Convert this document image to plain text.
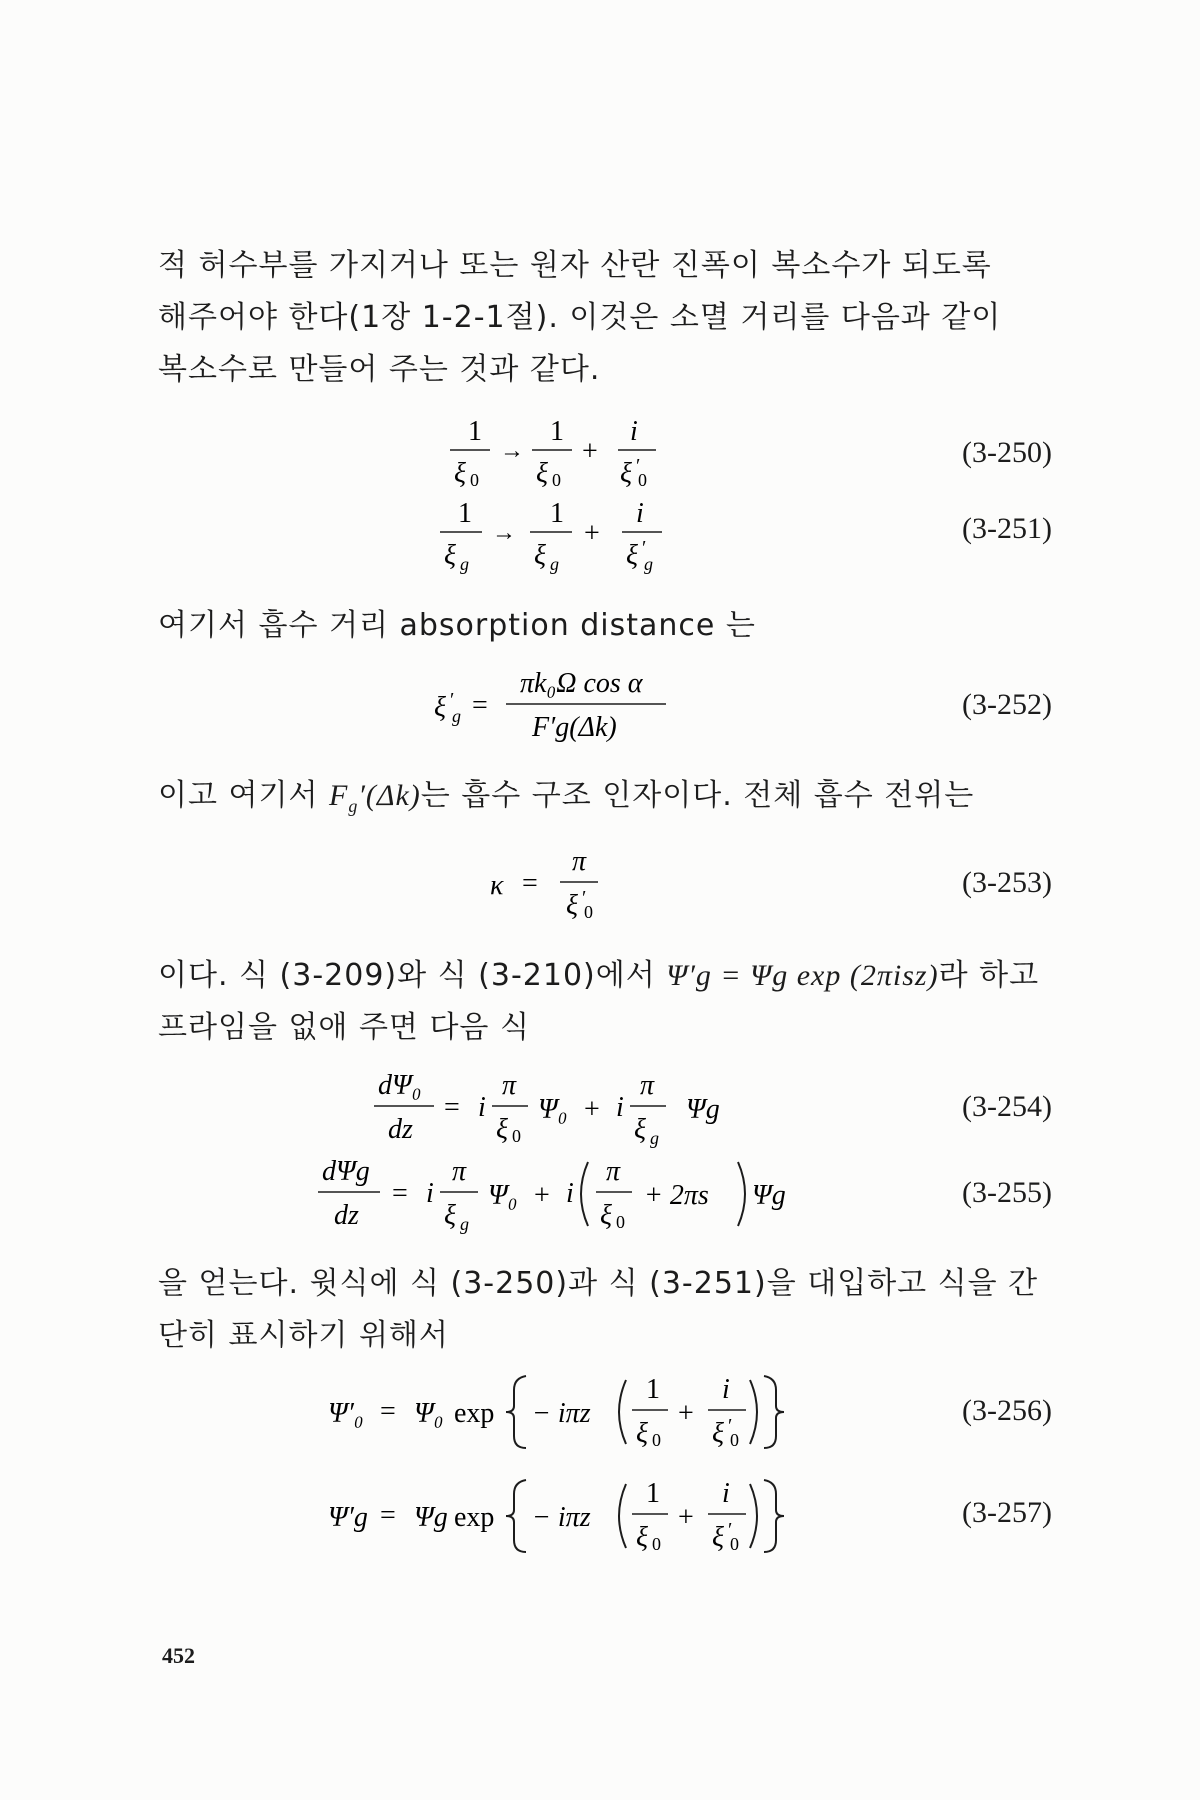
적 허수부를 가지거나 또는 원자 산란 진폭이 복소수가 되도록
해주어야 한다(1장 1-2-1절). 이것은 소멸 거리를 다음과 같이
복소수로 만들어 주는 것과 같다.
1
ξ 0
→
1
ξ 0
+
i
ξ ′
0
(3-250)
1
ξ g
→
1
ξ g
+
i
ξ ′
g
(3-251)
여기서 흡수 거리 absorption distance 는
ξ ′
g =
πk₀Ω cos α
F′g(Δk)
(3-252)
이고 여기서 $F_g'(\Delta k)$는 흡수 구조 인자이다. 전체 흡수 전위는
κ =
π
ξ ′
0
(3-253)
이다. 식 (3-209)와 식 (3-210)에서 Ψ′g = Ψg exp (2πisz)라 하고
프라임을 없애 주면 다음 식
dΨ₀
dz
= i
π
ξ 0
Ψ₀ + i
π
ξ g
Ψg	(3-254)
dΨg
dz
= i
π
ξ g
Ψ₀ + i
π
ξ 0
+ 2πs Ψg	(3-255)
을 얻는다. 윗식에 식 (3-250)과 식 (3-251)을 대입하고 식을 간
단히 표시하기 위해서
Ψ′₀ = Ψ₀ exp − iπz
1
ξ 0
+
i
ξ ′
0
(3-256)
Ψ′g = Ψg exp − iπz
1
ξ 0
+
i
ξ ′
0
(3-257)
452
